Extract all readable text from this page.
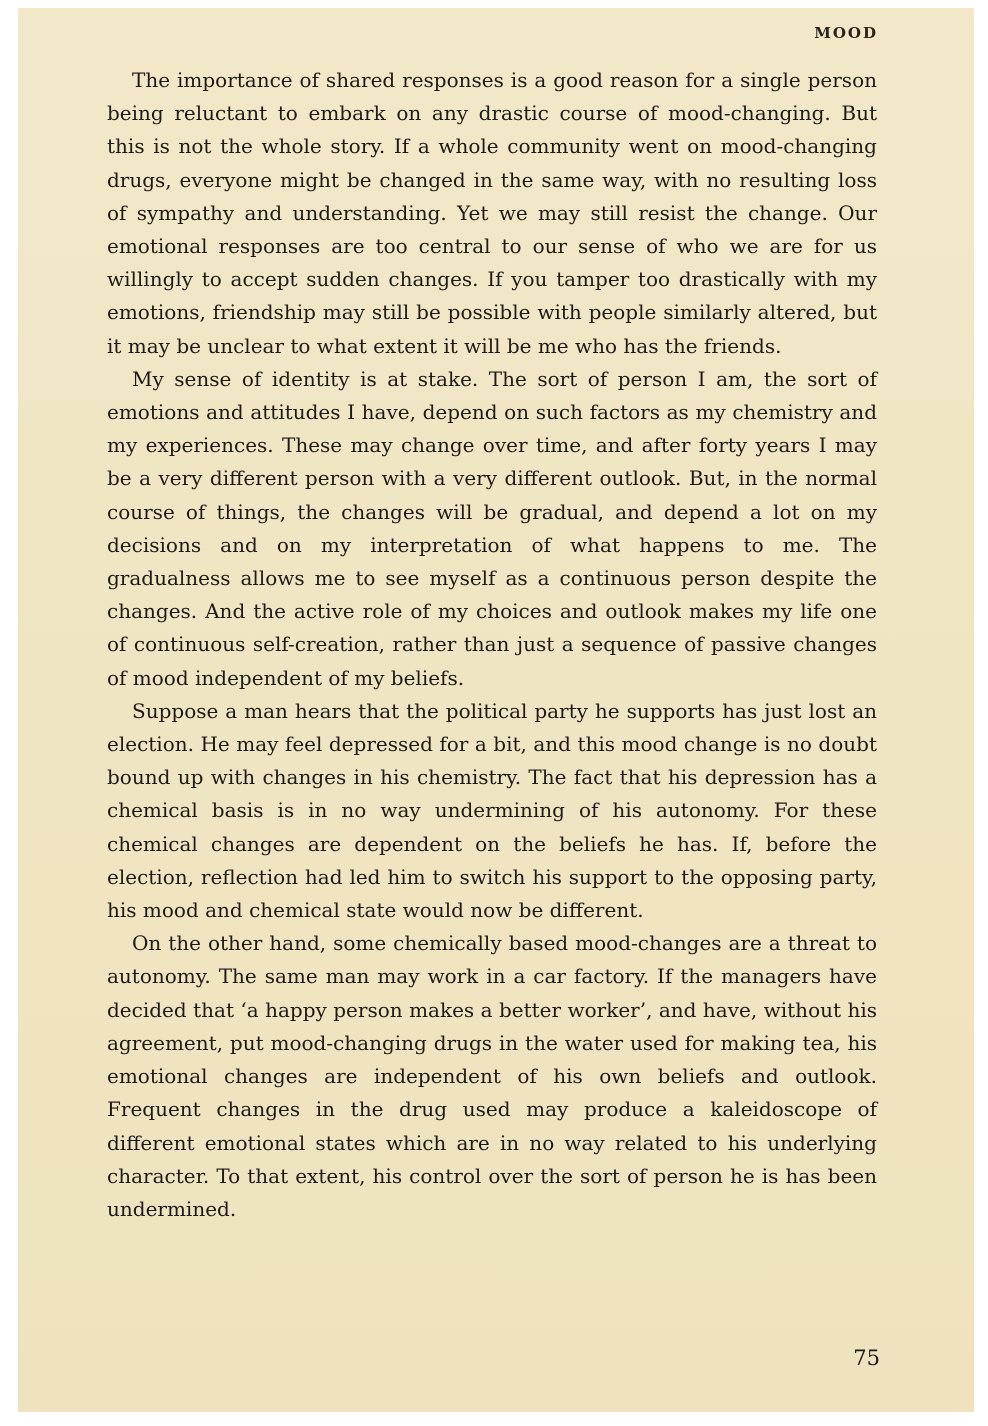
MOOD

The importance of shared responses is a good reason for a single person being reluctant to embark on any drastic course of mood-changing. But this is not the whole story. If a whole community went on mood-changing drugs, everyone might be changed in the same way, with no resulting loss of sympathy and understanding. Yet we may still resist the change. Our emotional responses are too central to our sense of who we are for us willingly to accept sudden changes. If you tamper too drastically with my emotions, friendship may still be possible with people similarly altered, but it may be unclear to what extent it will be me who has the friends.

My sense of identity is at stake. The sort of person I am, the sort of emotions and attitudes I have, depend on such factors as my chemistry and my experiences. These may change over time, and after forty years I may be a very different person with a very different outlook. But, in the normal course of things, the changes will be gradual, and depend a lot on my decisions and on my interpretation of what happens to me. The gradualness allows me to see myself as a continuous person despite the changes. And the active role of my choices and outlook makes my life one of continuous self-creation, rather than just a sequence of passive changes of mood independent of my beliefs.

Suppose a man hears that the political party he supports has just lost an election. He may feel depressed for a bit, and this mood change is no doubt bound up with changes in his chemistry. The fact that his depression has a chemical basis is in no way undermining of his autonomy. For these chemical changes are dependent on the beliefs he has. If, before the election, reflection had led him to switch his support to the opposing party, his mood and chemical state would now be different.

On the other hand, some chemically based mood-changes are a threat to autonomy. The same man may work in a car factory. If the managers have decided that ‘a happy person makes a better worker’, and have, without his agreement, put mood-changing drugs in the water used for making tea, his emotional changes are independent of his own beliefs and outlook. Frequent changes in the drug used may produce a kaleidoscope of different emotional states which are in no way related to his underlying character. To that extent, his control over the sort of person he is has been undermined.

75
